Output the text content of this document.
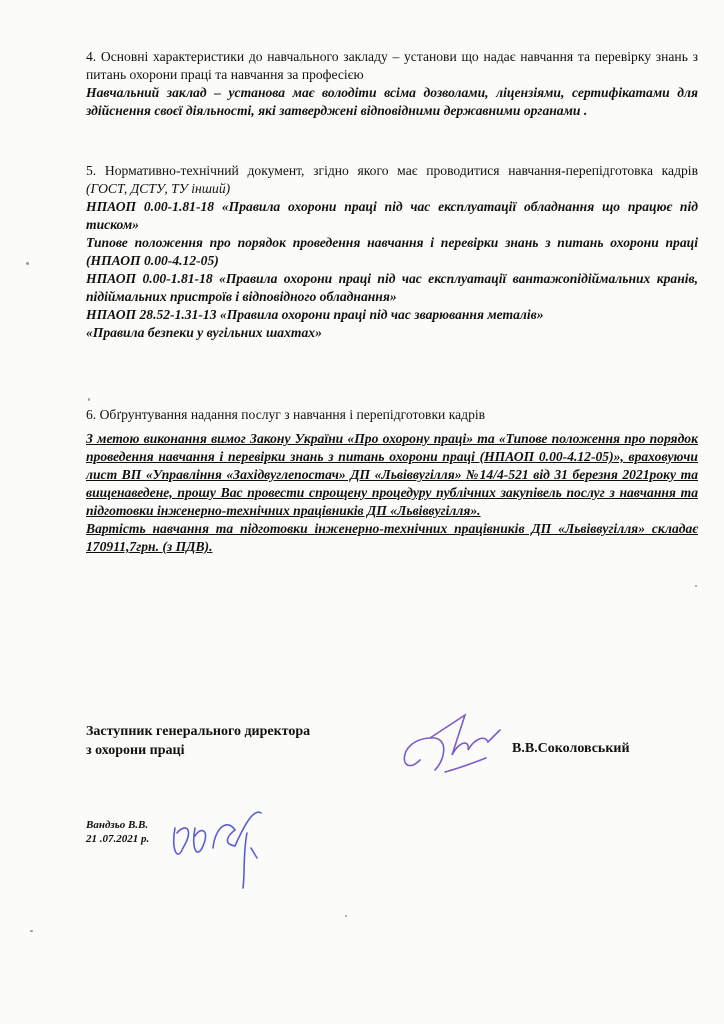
4. Основні характеристики до навчального закладу – установи що надає навчання та перевірку знань з питань охорони праці та навчання за професією

Навчальний заклад – установа має володіти всіма дозволами, ліцензіями, сертифікатами для здійснення своєї діяльності, які затверджені відповідними державними органами .

5. Нормативно-технічний документ, згідно якого має проводитися навчання-перепідготовка кадрів (ГОСТ, ДСТУ, ТУ інший)

НПАОП 0.00-1.81-18 «Правила охорони праці під час експлуатації обладнання що працює під тиском»

Типове положення про порядок проведення навчання і перевірки знань з питань охорони праці (НПАОП 0.00-4.12-05)

НПАОП 0.00-1.81-18 «Правила охорони праці під час експлуатації вантажопідіймальних кранів, підіймальних пристроїв і відповідного обладнання»

НПАОП 28.52-1.31-13 «Правила охорони праці під час зварювання металів»

«Правила безпеки у вугільних шахтах»

6. Обґрунтування надання послуг з навчання і перепідготовки кадрів

З метою виконання вимог Закону України «Про охорону праці» та «Типове положення про порядок проведення навчання і перевірки знань з питань охорони праці (НПАОП 0.00-4.12-05)», враховуючи лист ВП «Управління «Західвуглепостач» ДП «Львіввугілля» №14/4-521 від 31 березня 2021року та вищенаведене, прошу Вас провести спрощену процедуру публічних закупівель послуг з навчання та підготовки інженерно-технічних працівників ДП «Львіввугілля».

Вартість навчання та підготовки інженерно-технічних працівників ДП «Львіввугілля» складає 170911,7грн. (з ПДВ).

Заступник генерального директора
з охорони праці	В.В.Соколовський
Вандзьо В.В.
21 .07.2021 р.
